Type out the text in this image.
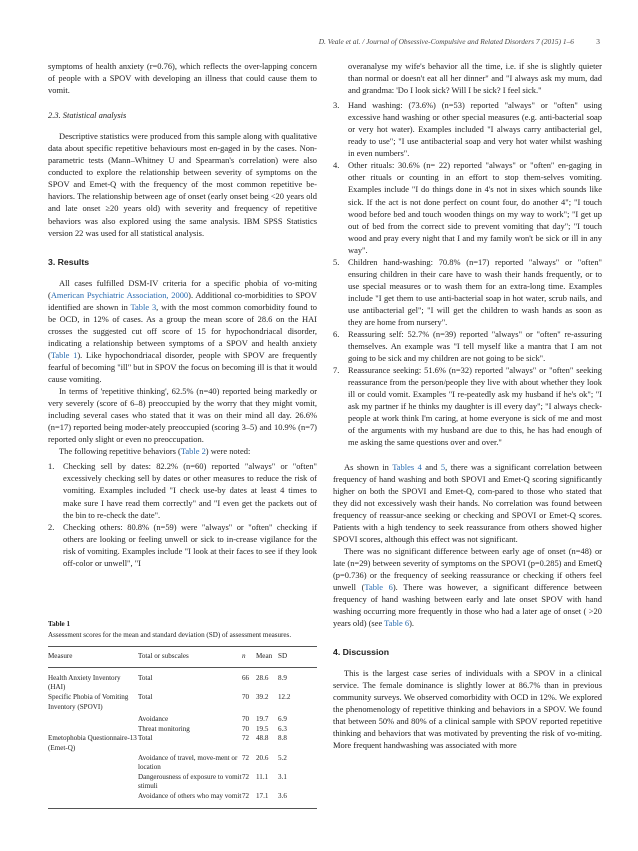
D. Veale et al. / Journal of Obsessive-Compulsive and Related Disorders 7 (2015) 1–6	3

symptoms of health anxiety (r=0.76), which reflects the over-lapping concern of people with a SPOV with developing an illness that could cause them to vomit.

2.3. Statistical analysis

Descriptive statistics were produced from this sample along with qualitative data about specific repetitive behaviours most en-gaged in by the cases. Non-parametric tests (Mann–Whitney U and Spearman's correlation) were also conducted to explore the relationship between severity of symptoms on the SPOV and Emet-Q with the frequency of the most common repetitive be-haviors. The relationship between age of onset (early onset being <20 years old and late onset ≥20 years old) with severity and frequency of repetitive behaviors was also explored using the same analysis. IBM SPSS Statistics version 22 was used for all statistical analysis.

3. Results

All cases fulfilled DSM-IV criteria for a specific phobia of vo-miting (American Psychiatric Association, 2000). Additional co-morbidities to SPOV identified are shown in Table 3, with the most common comorbidity found to be OCD, in 12% of cases. As a group the mean score of 28.6 on the HAI crosses the suggested cut off score of 15 for hypochondriacal disorder, indicating a relationship between symptoms of a SPOV and health anxiety (Table 1). Like hypochondriacal disorder, people with SPOV are frequently fearful of becoming "ill" but in SPOV the focus on becoming ill is that it would cause vomiting.

In terms of 'repetitive thinking', 62.5% (n=40) reported being markedly or very severely (score of 6–8) preoccupied by the worry that they might vomit, including several cases who stated that it was on their mind all day. 26.6% (n=17) reported being moder-ately preoccupied (scoring 3–5) and 10.9% (n=7) reported only slight or even no preoccupation.

The following repetitive behaviors (Table 2) were noted:

1. Checking sell by dates: 82.2% (n=60) reported "always" or "often" excessively checking sell by dates or other measures to reduce the risk of vomiting. Examples included "I check use-by dates at least 4 times to make sure I have read them correctly" and "I even get the packets out of the bin to re-check the date".
2. Checking others: 80.8% (n=59) were "always" or "often" checking if others are looking or feeling unwell or sick to in-crease vigilance for the risk of vomiting. Examples include "I look at their faces to see if they look off-color or unwell", "I
Table 1
Assessment scores for the mean and standard deviation (SD) of assessment measures.
Measure	Total or subscales	n	Mean	SD
Health Anxiety Inventory (HAI)	Total	66	28.6	8.9
Specific Phobia of Vomiting Inventory (SPOVI)	Total	70	39.2	12.2
	Avoidance	70	19.7	6.9
	Threat monitoring	70	19.5	6.3
Emetophobia Questionnaire-13 (Emet-Q)	Total	72	48.8	8.8
	Avoidance of travel, move-ment or location	72	20.6	5.2
	Dangerousness of exposure to vomit stimuli	72	11.1	3.1
	Avoidance of others who may vomit	72	17.1	3.6

overanalyse my wife's behavior all the time, i.e. if she is slightly quieter than normal or doesn't eat all her dinner" and "I always ask my mum, dad and grandma: 'Do I look sick? Will I be sick? I feel sick."

3. Hand washing: (73.6%) (n=53) reported "always" or "often" using excessive hand washing or other special measures (e.g. anti-bacterial soap or very hot water). Examples included "I always carry antibacterial gel, ready to use"; "I use antibacterial soap and very hot water whilst washing in even numbers".
4. Other rituals: 30.6% (n= 22) reported "always" or "often" en-gaging in other rituals or counting in an effort to stop them-selves vomiting. Examples include "I do things done in 4's not in sixes which sounds like sick. If the act is not done perfect on count four, do another 4"; "I touch wood before bed and touch wooden things on my way to work"; "I get up out of bed from the correct side to prevent vomiting that day"; "I touch wood and pray every night that I and my family won't be sick or ill in any way".
5. Children hand-washing: 70.8% (n=17) reported "always" or "often" ensuring children in their care have to wash their hands frequently, or to use special measures or to wash them for an extra-long time. Examples include "I get them to use anti-bacterial soap in hot water, scrub nails, and use antibacterial gel"; "I will get the children to wash hands as soon as they are home from nursery".
6. Reassuring self: 52.7% (n=39) reported "always" or "often" re-assuring themselves. An example was "I tell myself like a mantra that I am not going to be sick and my children are not going to be sick".
7. Reassurance seeking: 51.6% (n=32) reported "always" or "often" seeking reassurance from the person/people they live with about whether they look ill or could vomit. Examples "I re-peatedly ask my husband if he's ok"; "I ask my partner if he thinks my daughter is ill every day"; "I always check-people at work think I'm caring, at home everyone is sick of me and most of the arguments with my husband are due to this, he has had enough of me asking the same questions over and over."

As shown in Tables 4 and 5, there was a significant correlation between frequency of hand washing and both SPOVI and Emet-Q scoring significantly higher on both the SPOVI and Emet-Q, com-pared to those who stated that they did not excessively wash their hands. No correlation was found between frequency of reassur-ance seeking or checking and SPOVI or Emet-Q scores. Patients with a high tendency to seek reassurance from others showed higher SPOVI scores, although this effect was not significant.

There was no significant difference between early age of onset (n=48) or late (n=29) between severity of symptoms on the SPOVI (p=0.285) and EmetQ (p=0.736) or the frequency of seeking reassurance or checking if others feel unwell (Table 6). There was however, a significant difference between frequency of hand washing between early and late onset SPOV with hand washing occurring more frequently in those who had a later age of onset ( >20 years old) (see Table 6).

4. Discussion

This is the largest case series of individuals with a SPOV in a clinical service. The female dominance is slightly lower at 86.7% than in previous community surveys. We observed comorbidity with OCD in 12%. We explored the phenomenology of repetitive thinking and behaviors in a SPOV. We found that between 50% and 80% of a clinical sample with SPOV reported repetitive thinking and behaviors that was motivated by preventing the risk of vo-miting. More frequent handwashing was associated with more
